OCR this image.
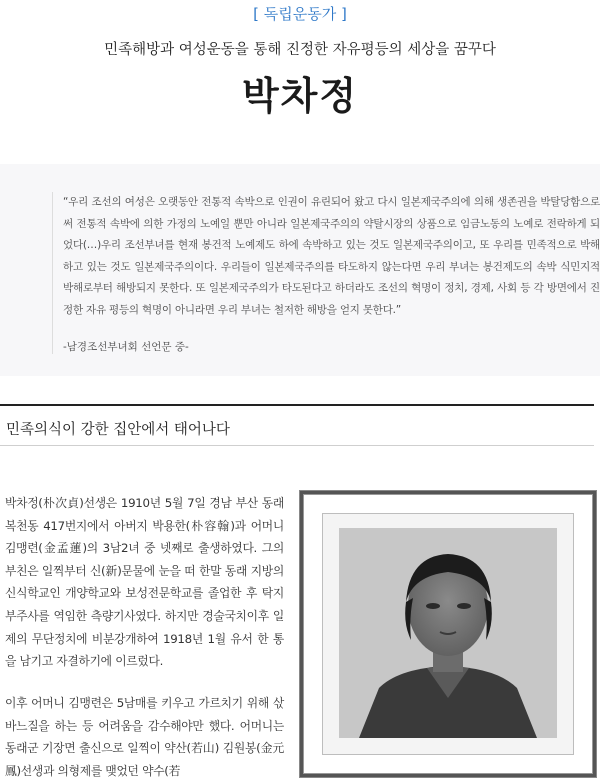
[ 독립운동가 ]
민족해방과 여성운동을 통해 진정한 자유평등의 세상을 꿈꾸다
박차정
“우리 조선의 여성은 오랫동안 전통적 속박으로 인권이 유린되어 왔고 다시 일본제국주의에 의해 생존권을 박탈당함으로써 전통적 속박에 의한 가정의 노예일 뿐만 아니라 일본제국주의의 약탈시장의 상품으로 임금노동의 노예로 전락하게 되었다(…)우리 조선부녀를 현재 봉건적 노예제도 하에 속박하고 있는 것도 일본제국주의이고, 또 우리를 민족적으로 박해하고 있는 것도 일본제국주의이다. 우리들이 일본제국주의를 타도하지 않는다면 우리 부녀는 봉건제도의 속박 식민지적 박해로부터 해방되지 못한다. 또 일본제국주의가 타도된다고 하더라도 조선의 혁명이 정치, 경제, 사회 등 각 방면에서 진정한 자유 평등의 혁명이 아니라면 우리 부녀는 철저한 해방을 얻지 못한다.”
-남경조선부녀회 선언문 중-
민족의식이 강한 집안에서 태어나다
박차정(朴次貞)선생은 1910년 5월 7일 경남 부산 동래 복천동 417번지에서 아버지 박용한(朴容翰)과 어머니 김맹련(金孟蓮)의 3남2녀 중 넷째로 출생하였다. 그의 부친은 일찍부터 신(新)문물에 눈을 떠 한말 동래 지방의 신식학교인 개양학교와 보성전문학교를 졸업한 후 탁지부주사를 역임한 측량기사였다. 하지만 경술국치이후 일제의 무단정치에 비분강개하여 1918년 1월 유서 한 통을 남기고 자결하기에 이르렀다.
이후 어머니 김맹련은 5남매를 키우고 가르치기 위해 삯바느질을 하는 등 어려움을 감수해야만 했다. 어머니는 동래군 기장면 출신으로 일찍이 약산(若山) 김원봉(金元鳳)선생과 의형제를 맺었던 약수(若
